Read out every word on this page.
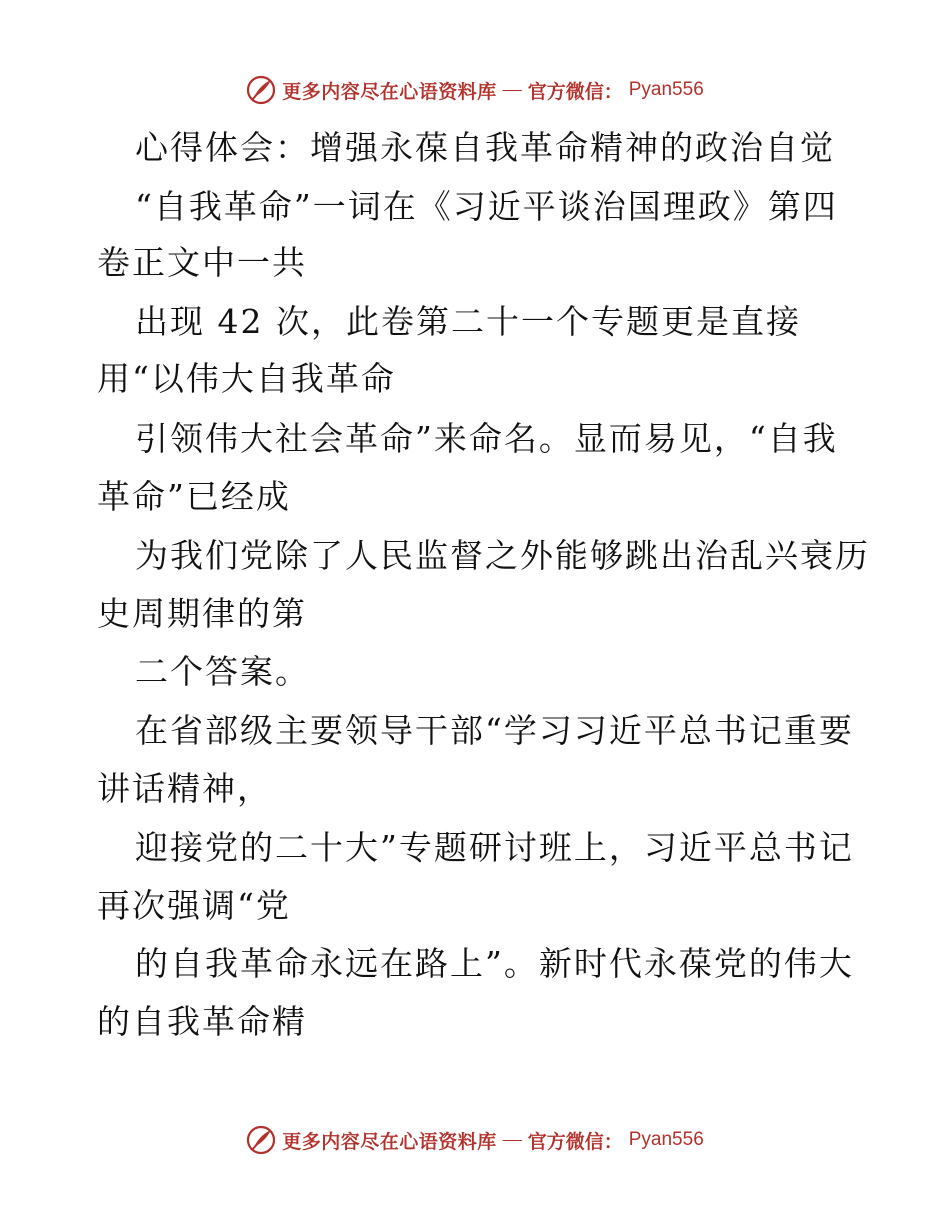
更多内容尽在心语资料库 — 官方微信： Pyan556
心得体会：增强永葆自我革命精神的政治自觉
“自我革命”一词在《习近平谈治国理政》第四
卷正文中一共
出现 42 次，此卷第二十一个专题更是直接
用“以伟大自我革命
引领伟大社会革命”来命名。显而易见，“自我
革命”已经成
为我们党除了人民监督之外能够跳出治乱兴衰历
史周期律的第
二个答案。
在省部级主要领导干部“学习习近平总书记重要
讲话精神，
迎接党的二十大”专题研讨班上，习近平总书记
再次强调“党
的自我革命永远在路上”。新时代永葆党的伟大
的自我革命精
更多内容尽在心语资料库 — 官方微信： Pyan556
